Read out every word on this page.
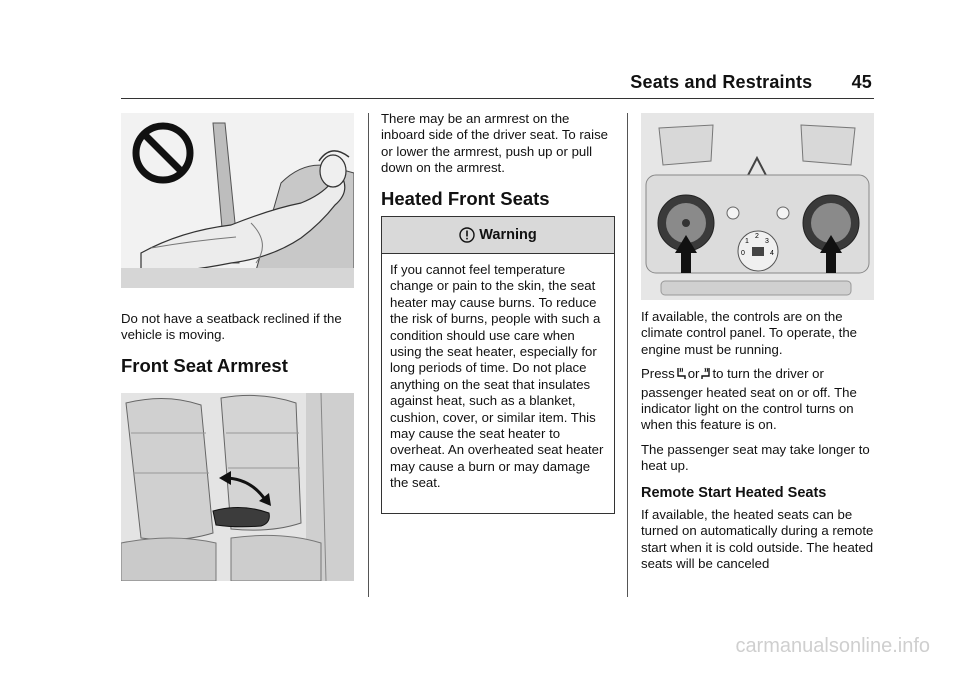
Seats and Restraints 45

Do not have a seatback reclined if the vehicle is moving.

Front Seat Armrest

There may be an armrest on the inboard side of the driver seat. To raise or lower the armrest, push up or pull down on the armrest.

Heated Front Seats
Warning
If you cannot feel temperature change or pain to the skin, the seat heater may cause burns. To reduce the risk of burns, people with such a condition should use care when using the seat heater, especially for long periods of time. Do not place anything on the seat that insulates against heat, such as a blanket, cushion, cover, or similar item. This may cause the seat heater to overheat. An overheated seat heater may cause a burn or may damage the seat.
1
2
3
0	4

If available, the controls are on the climate control panel. To operate, the engine must be running.

Press or to turn the driver or

passenger heated seat on or off. The indicator light on the control turns on when this feature is on.

The passenger seat may take longer to heat up.

Remote Start Heated Seats

If available, the heated seats can be turned on automatically during a remote start when it is cold outside. The heated seats will be canceled

carmanualsonline.info
